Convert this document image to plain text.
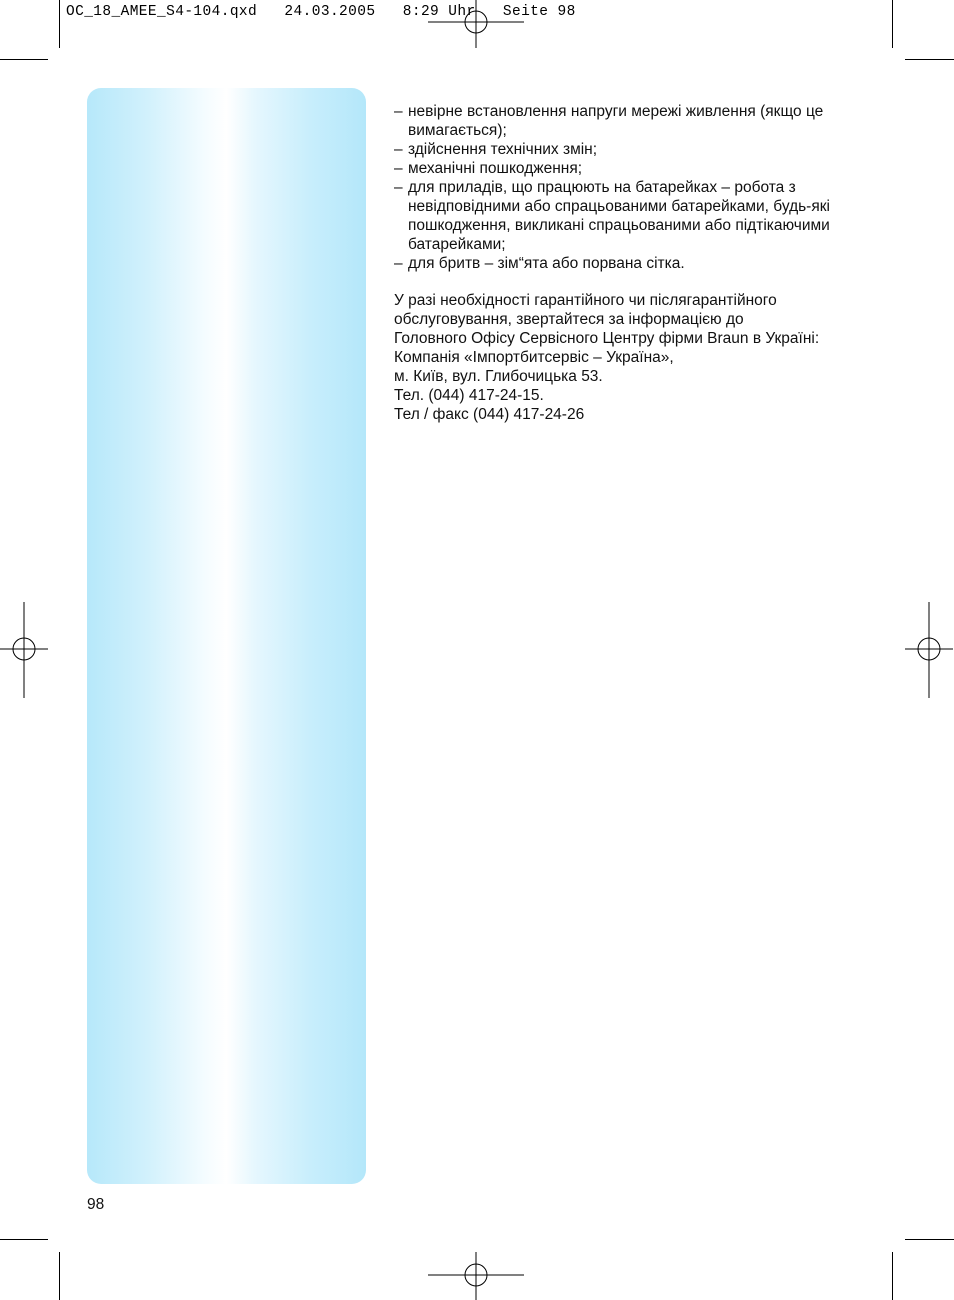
OC_18_AMEE_S4-104.qxd   24.03.2005   8:29 Uhr   Seite 98
– невірне встановлення напруги мережі живлення (якщо це вимагається);
– здійснення технічних змін;
– механічні пошкодження;
– для приладів, що працюють на батарейках – робота з невідповідними або спрацьованими батарейками, будь-які пошкодження, викликані спрацьованими або підтікаючими батарейками;
– для бритв – зім“ята або порвана сітка.
У разі необхідності гарантійного чи післягарантійного
обслуговування, звертайтеся за інформацією до
Головного Офісу Сервісного Центру фірми Braun в Україні:
Компанія «Імпортбитсервіс – Україна»,
м. Київ, вул. Глибочицька 53.
Тел. (044) 417-24-15.
Тел / факс (044) 417-24-26
98
